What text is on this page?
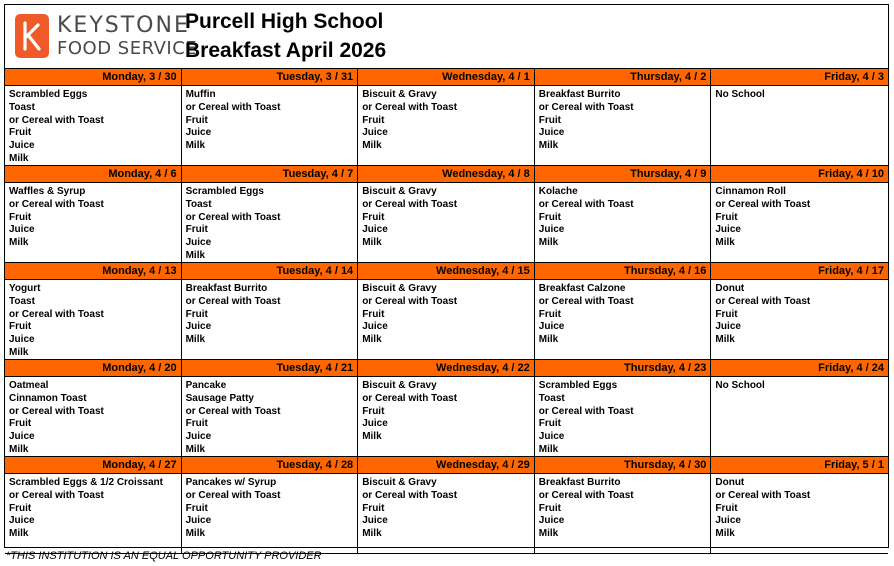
KEYSTONE
FOOD SERVICE
Purcell High School
Breakfast April 2026
Monday, 3 / 30
Scrambled Eggs
Toast
or Cereal with Toast
Fruit
Juice
Milk
Tuesday, 3 / 31
Muffin
or Cereal with Toast
Fruit
Juice
Milk
Wednesday, 4 / 1
Biscuit & Gravy
or Cereal with Toast
Fruit
Juice
Milk
Thursday, 4 / 2
Breakfast Burrito
or Cereal with Toast
Fruit
Juice
Milk
Friday, 4 / 3
No School
Monday, 4 / 6
Waffles & Syrup
or Cereal with Toast
Fruit
Juice
Milk
Tuesday, 4 / 7
Scrambled Eggs
Toast
or Cereal with Toast
Fruit
Juice
Milk
Wednesday, 4 / 8
Biscuit & Gravy
or Cereal with Toast
Fruit
Juice
Milk
Thursday, 4 / 9
Kolache
or Cereal with Toast
Fruit
Juice
Milk
Friday, 4 / 10
Cinnamon Roll
or Cereal with Toast
Fruit
Juice
Milk
Monday, 4 / 13
Yogurt
Toast
or Cereal with Toast
Fruit
Juice
Milk
Tuesday, 4 / 14
Breakfast Burrito
or Cereal with Toast
Fruit
Juice
Milk
Wednesday, 4 / 15
Biscuit & Gravy
or Cereal with Toast
Fruit
Juice
Milk
Thursday, 4 / 16
Breakfast Calzone
or Cereal with Toast
Fruit
Juice
Milk
Friday, 4 / 17
Donut
or Cereal with Toast
Fruit
Juice
Milk
Monday, 4 / 20
Oatmeal
Cinnamon Toast
or Cereal with Toast
Fruit
Juice
Milk
Tuesday, 4 / 21
Pancake
Sausage Patty
or Cereal with Toast
Fruit
Juice
Milk
Wednesday, 4 / 22
Biscuit & Gravy
or Cereal with Toast
Fruit
Juice
Milk
Thursday, 4 / 23
Scrambled Eggs
Toast
or Cereal with Toast
Fruit
Juice
Milk
Friday, 4 / 24
No School
Monday, 4 / 27
Scrambled Eggs & 1/2 Croissant
or Cereal with Toast
Fruit
Juice
Milk
Tuesday, 4 / 28
Pancakes w/ Syrup
or Cereal with Toast
Fruit
Juice
Milk
Wednesday, 4 / 29
Biscuit & Gravy
or Cereal with Toast
Fruit
Juice
Milk
Thursday, 4 / 30
Breakfast Burrito
or Cereal with Toast
Fruit
Juice
Milk
Friday, 5 / 1
Donut
or Cereal with Toast
Fruit
Juice
Milk
*THIS INSTITUTION IS AN EQUAL OPPORTUNITY PROVIDER
